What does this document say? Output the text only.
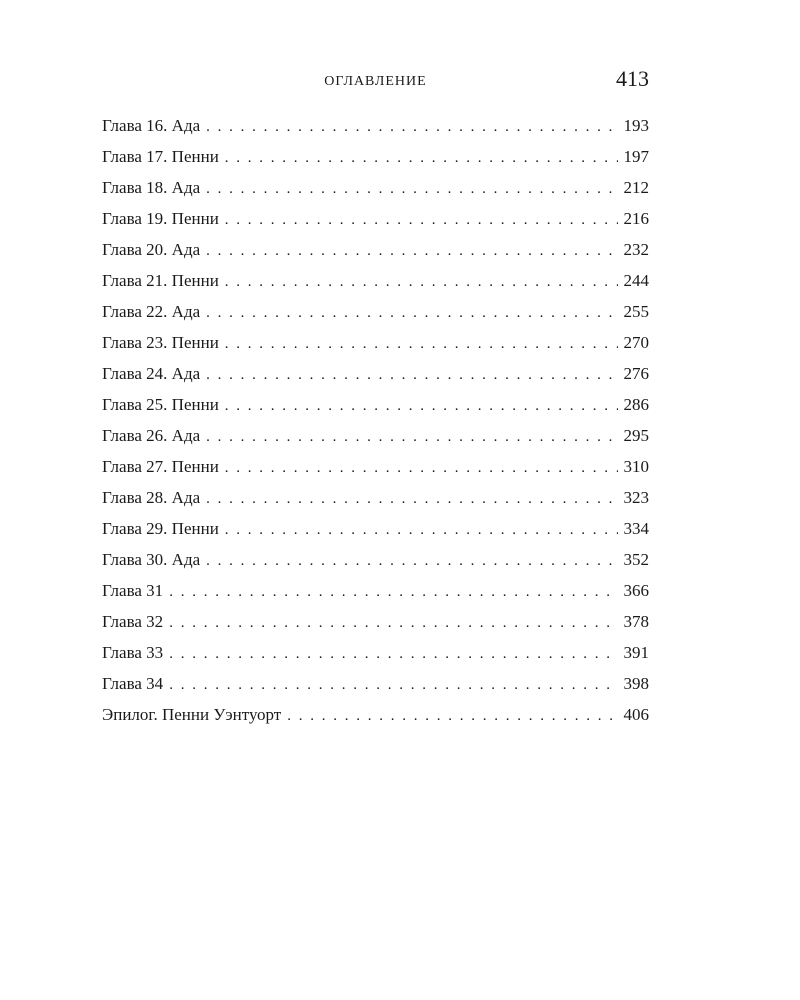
ОГЛАВЛЕНИЕ	413
Глава 16. Ада . . .	193
Глава 17. Пенни . . .	197
Глава 18. Ада . . .	212
Глава 19. Пенни . . .	216
Глава 20. Ада . . .	232
Глава 21. Пенни . . .	244
Глава 22. Ада . . .	255
Глава 23. Пенни . . .	270
Глава 24. Ада . . .	276
Глава 25. Пенни . . .	286
Глава 26. Ада . . .	295
Глава 27. Пенни . . .	310
Глава 28. Ада . . .	323
Глава 29. Пенни . . .	334
Глава 30. Ада . . .	352
Глава 31 . . .	366
Глава 32 . . .	378
Глава 33 . . .	391
Глава 34 . . .	398
Эпилог. Пенни Уэнтуорт . . .	406
